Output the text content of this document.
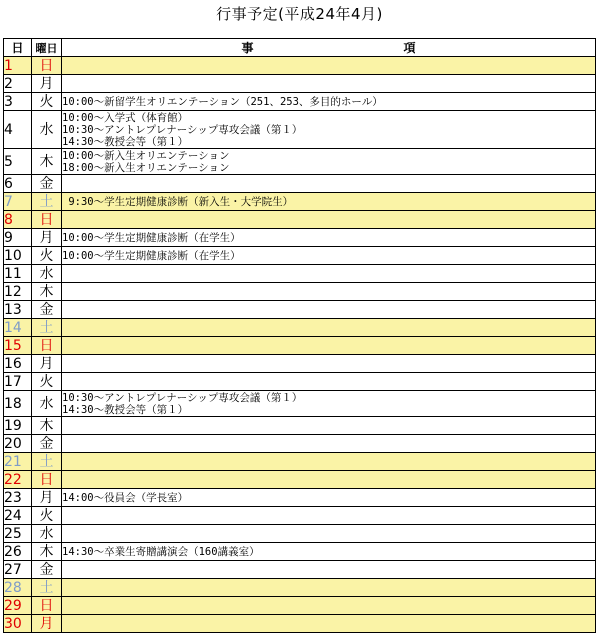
行事予定(平成24年4月)
日	曜日	事 項
1	日	
2	月	
3	火	10:00～新留学生オリエンテーション（251、253、多目的ホール）

4	水	10:00～入学式（体育館）
10:30～アントレプレナーシップ専攻会議（第１）
14:30～教授会等（第１）

5	木	10:00～新入生オリエンテーション
18:00～新入生オリエンテーション

6	金	
7	土	9:30～学生定期健康診断（新入生・大学院生）

8	日	
9	月	10:00～学生定期健康診断（在学生）

10	火	10:00～学生定期健康診断（在学生）

11	水	
12	木	
13	金	
14	土	
15	日	
16	月	
17	火	
18	水	10:30～アントレプレナーシップ専攻会議（第１）
14:30～教授会等（第１）

19	木	
20	金	
21	土	
22	日	
23	月	14:00～役員会（学長室）

24	火	
25	水	
26	木	14:30～卒業生寄贈講演会（160講義室）

27	金	
28	土	
29	日	
30	月	
